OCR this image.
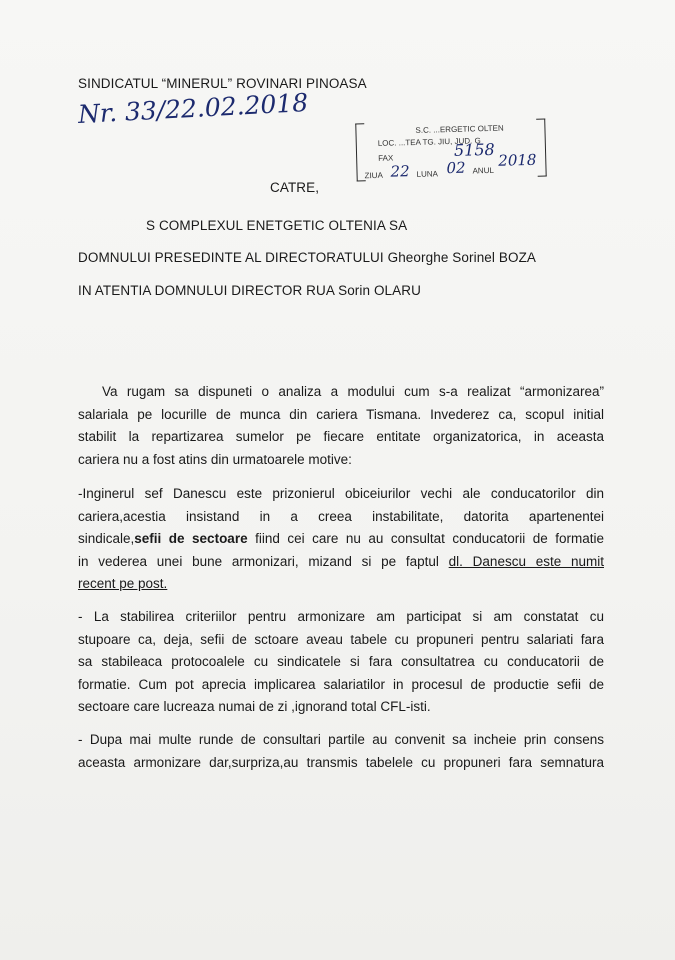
SINDICATUL “MINERUL” ROVINARI PINOASA
Nr. 33/22.02.2018
S.C. ...ERGETIC OLTEN
LOC. ...TEA TG. JIU, JUD. G
FAX	5158
ZIUA 22 LUNA 02 ANUL
2018
CATRE,
S COMPLEXUL ENETGETIC OLTENIA SA
DOMNULUI PRESEDINTE AL DIRECTORATULUI Gheorghe Sorinel BOZA
IN ATENTIA DOMNULUI DIRECTOR RUA Sorin OLARU
Va rugam sa dispuneti o analiza a modului cum s-a realizat “armonizarea”
salariala pe locurille de munca din cariera Tismana. Invederez ca, scopul initial
stabilit la repartizarea sumelor pe fiecare entitate organizatorica, in aceasta
cariera nu a fost atins din urmatoarele motive:
-Inginerul sef Danescu este prizonierul obiceiurilor vechi ale conducatorilor din
cariera,acestia insistand in a creea instabilitate, datorita apartenentei
sindicale,sefii de sectoare fiind cei care nu au consultat conducatorii de formatie
in vederea unei bune armonizari, mizand si pe faptul dl. Danescu este numit
recent pe post.
- La stabilirea criteriilor pentru armonizare am participat si am constatat cu
stupoare ca, deja, sefii de sctoare aveau tabele cu propuneri pentru salariati fara
sa stabileaca protocoalele cu sindicatele si fara consultatrea cu conducatorii de
formatie. Cum pot aprecia implicarea salariatilor in procesul de productie sefii de
sectoare care lucreaza numai de zi ,ignorand total CFL-isti.
- Dupa mai multe runde de consultari partile au convenit sa incheie prin consens
aceasta armonizare dar,surpriza,au transmis tabelele cu propuneri fara semnatura
